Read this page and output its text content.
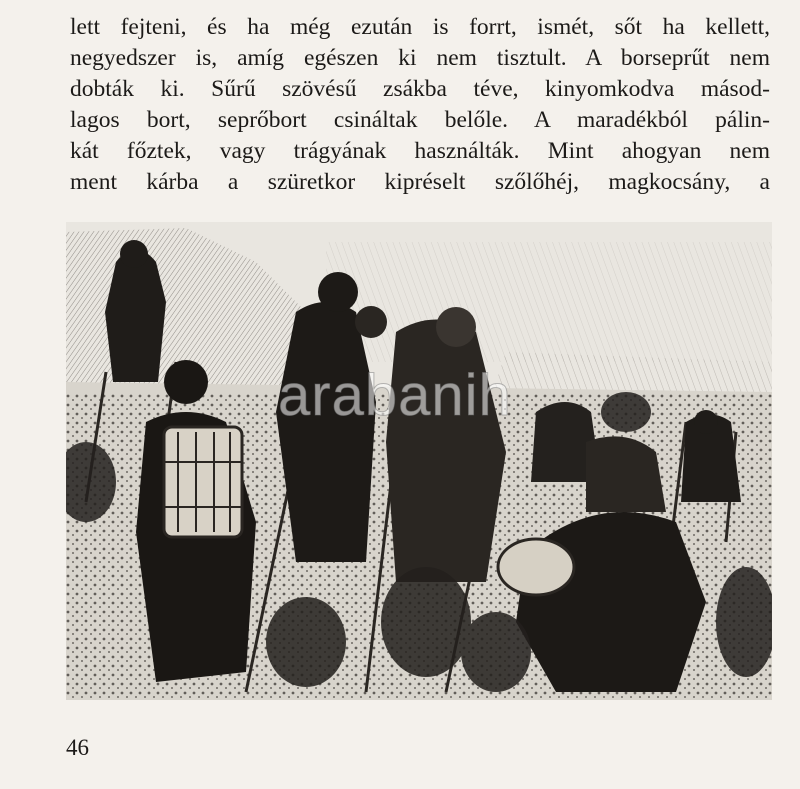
lett fejteni, és ha még ezután is forrt, ismét, sőt ha kellett,
negyedszer is, amíg egészen ki nem tisztult. A borseprűt nem
dobták ki. Sűrű szövésű zsákba téve, kinyomkodva másod-
lagos bort, seprőbort csináltak belőle. A maradékból pálin-
kát főztek, vagy trágyának használták. Mint ahogyan nem
ment kárba a szüretkor kipréselt szőlőhéj, magkocsány, a
arabanih
46
